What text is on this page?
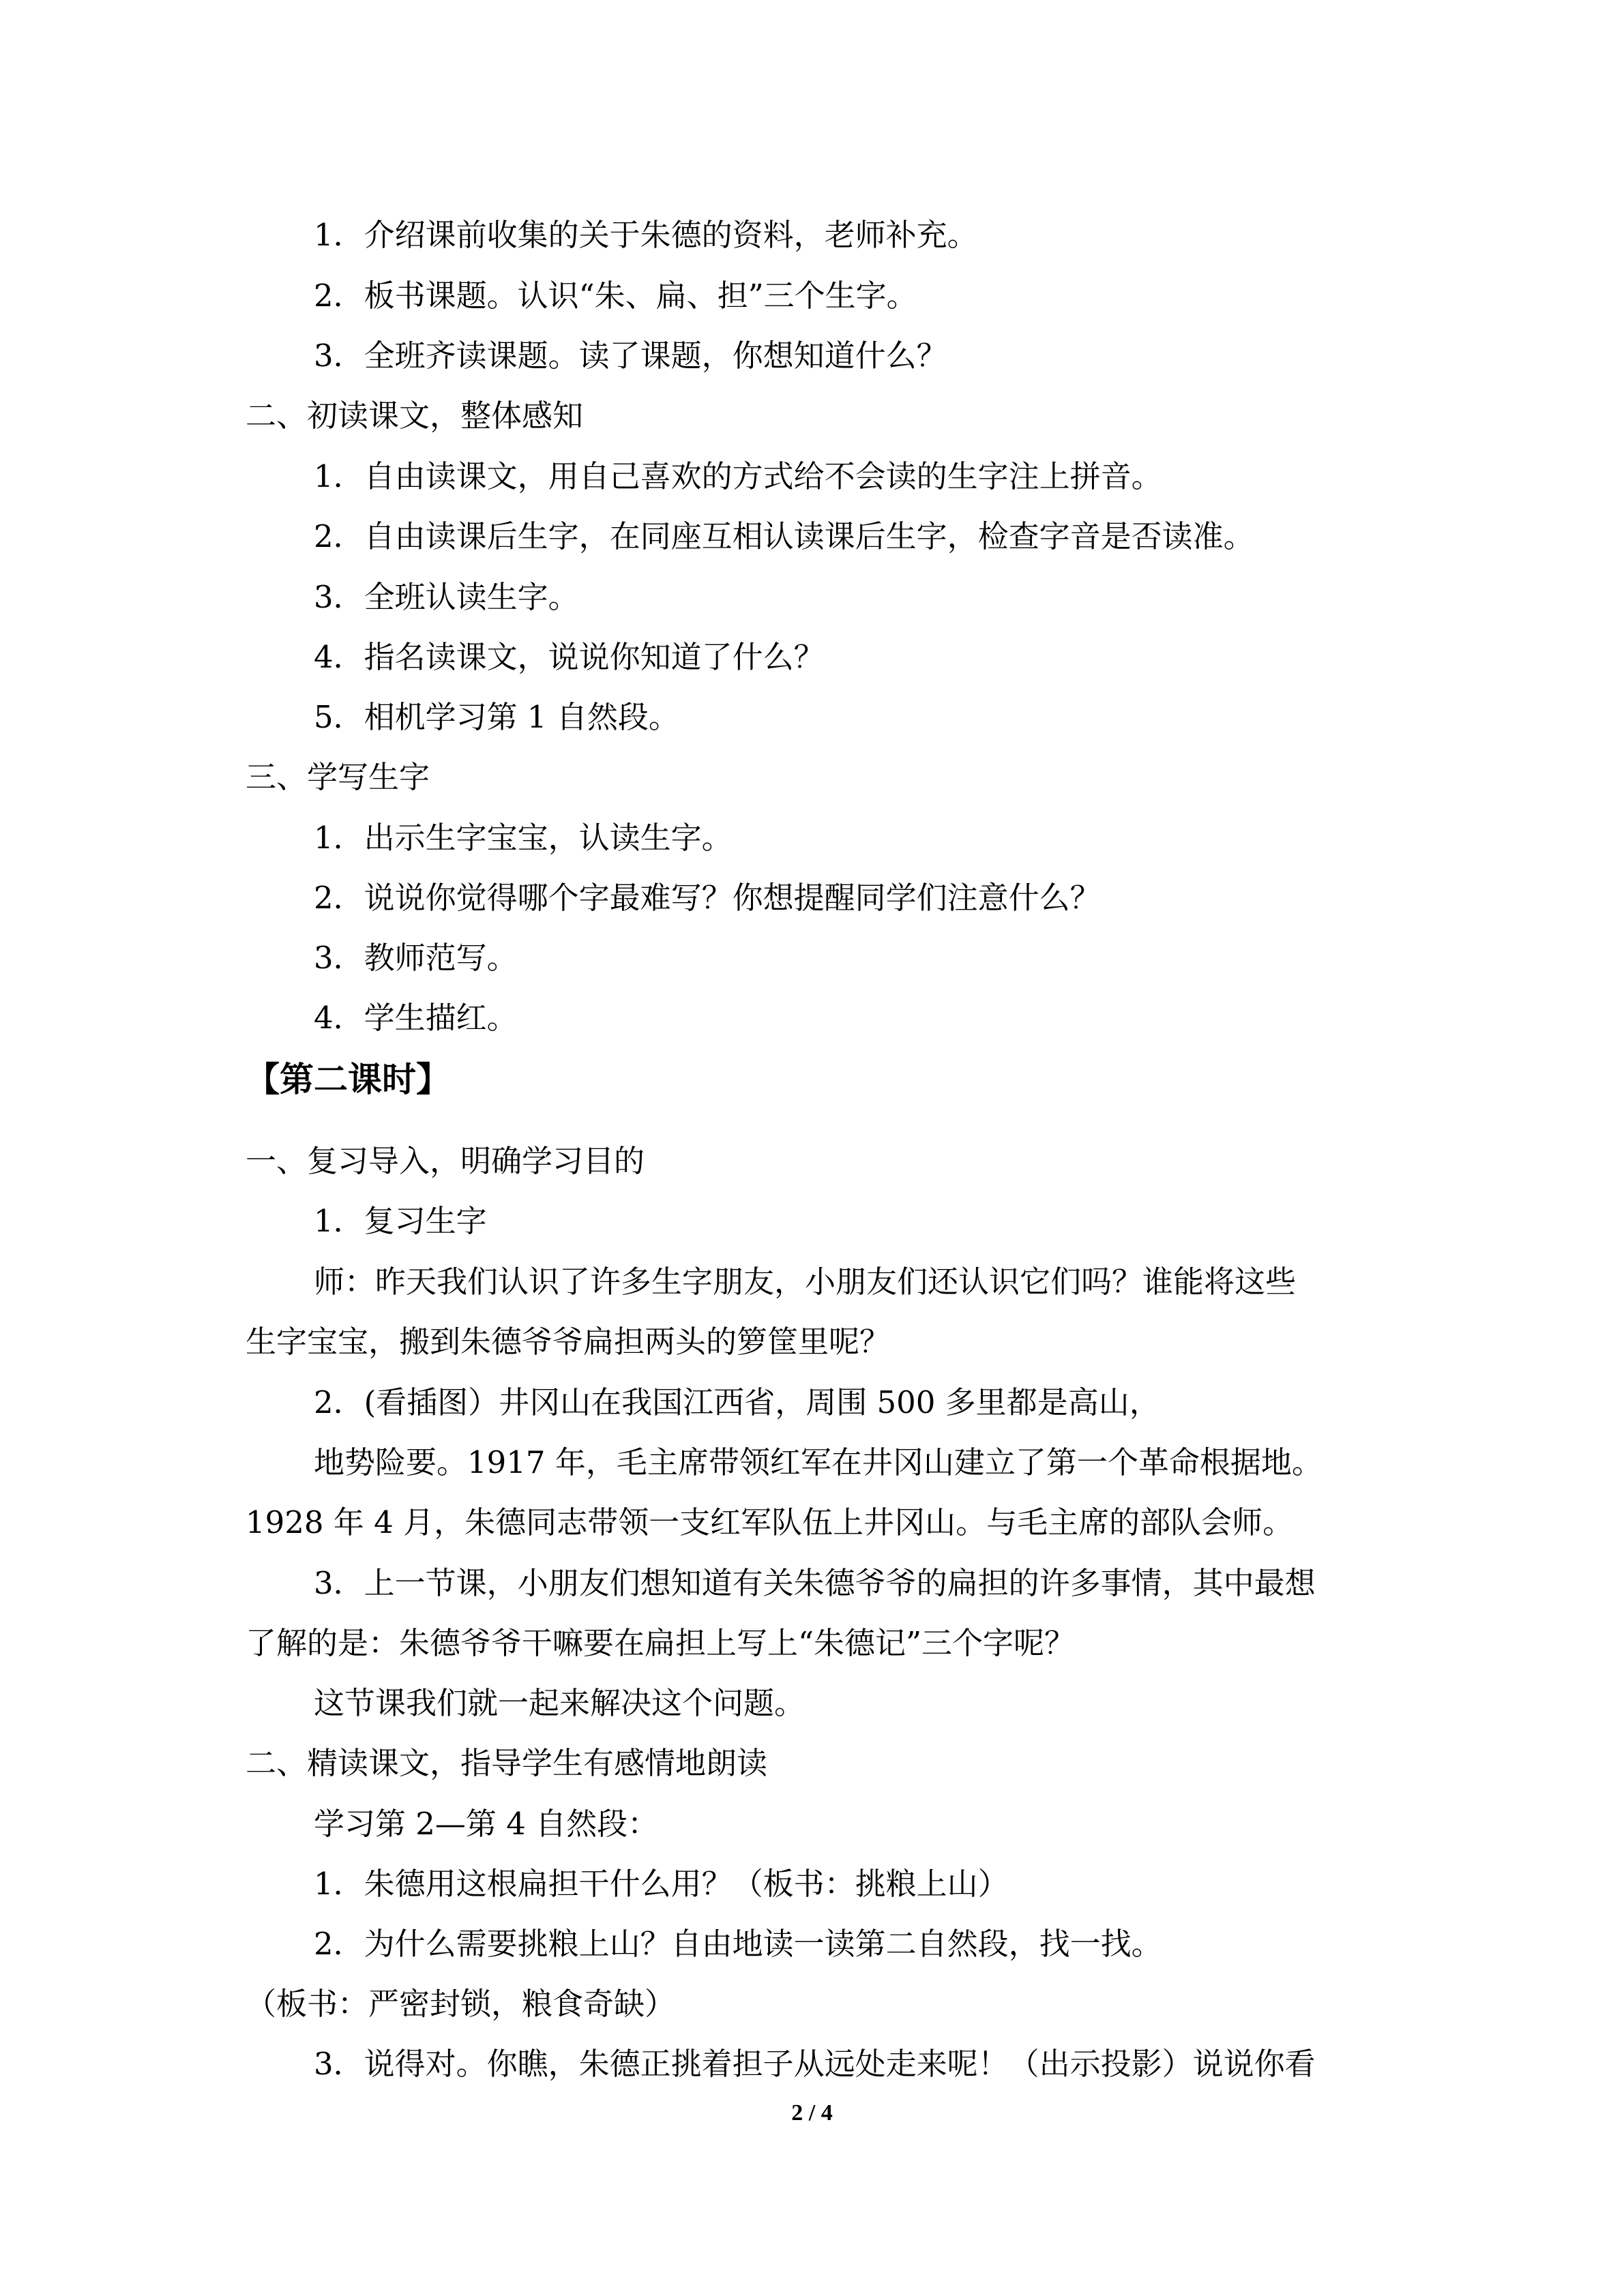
1．介绍课前收集的关于朱德的资料，老师补充。
2．板书课题。认识“朱、扁、担”三个生字。
3．全班齐读课题。读了课题，你想知道什么？
二、初读课文，整体感知
1．自由读课文，用自己喜欢的方式给不会读的生字注上拼音。
2．自由读课后生字，在同座互相认读课后生字，检查字音是否读准。
3．全班认读生字。
4．指名读课文，说说你知道了什么？
5．相机学习第 1 自然段。
三、学写生字
1．出示生字宝宝，认读生字。
2．说说你觉得哪个字最难写？你想提醒同学们注意什么？
3．教师范写。
4．学生描红。
【第二课时】
一、复习导入，明确学习目的
1．复习生字
师：昨天我们认识了许多生字朋友，小朋友们还认识它们吗？谁能将这些
生字宝宝，搬到朱德爷爷扁担两头的箩筐里呢？
2．(看插图）井冈山在我国江西省，周围 500 多里都是高山，
地势险要。1917 年，毛主席带领红军在井冈山建立了第一个革命根据地。
1928 年 4 月，朱德同志带领一支红军队伍上井冈山。与毛主席的部队会师。
3．上一节课，小朋友们想知道有关朱德爷爷的扁担的许多事情，其中最想
了解的是：朱德爷爷干嘛要在扁担上写上“朱德记”三个字呢？
这节课我们就一起来解决这个问题。
二、精读课文，指导学生有感情地朗读
学习第 2—第 4 自然段：
1．朱德用这根扁担干什么用？（板书：挑粮上山）
2．为什么需要挑粮上山？自由地读一读第二自然段，找一找。
（板书：严密封锁，粮食奇缺）
3．说得对。你瞧，朱德正挑着担子从远处走来呢！（出示投影）说说你看
2 / 4
